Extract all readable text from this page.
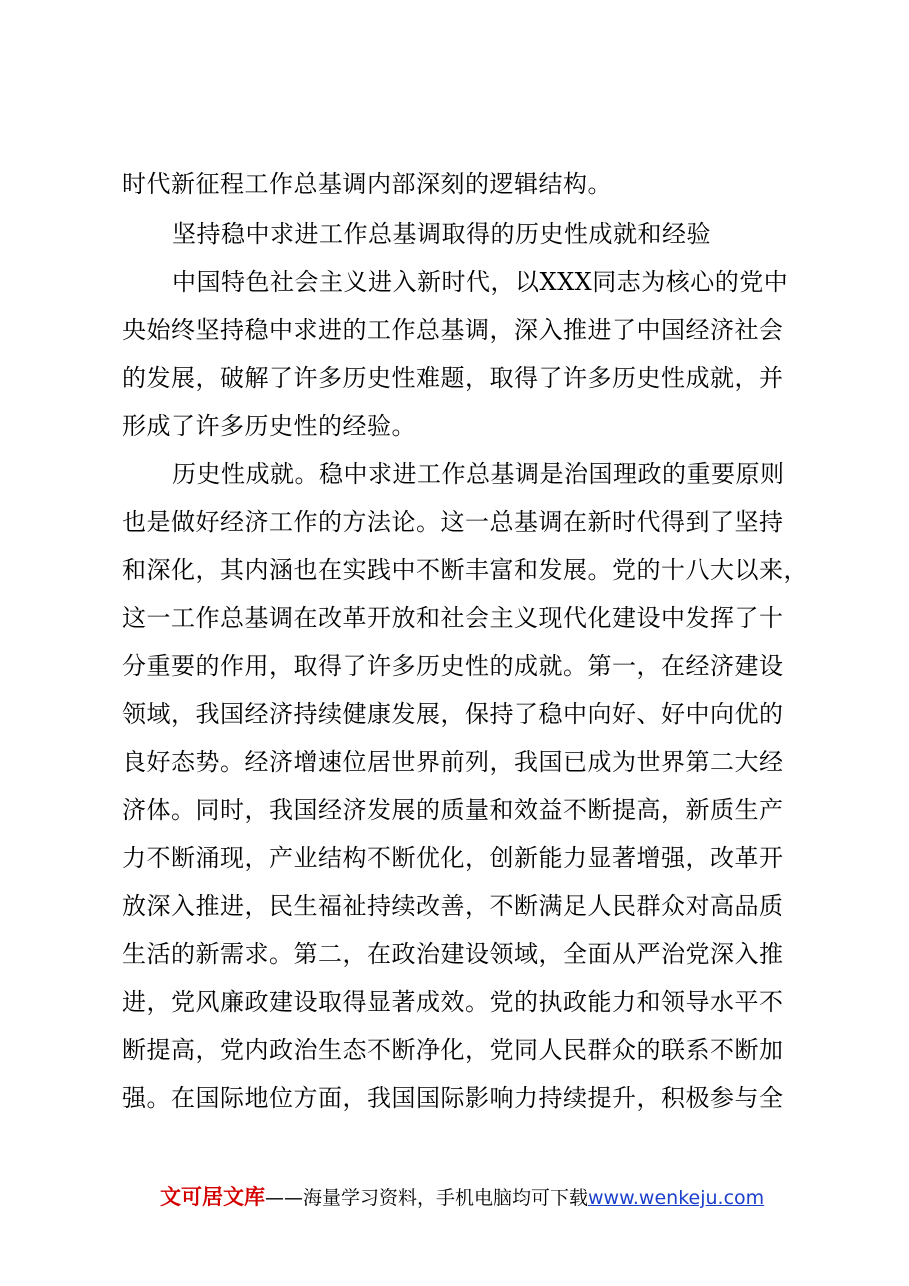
时代新征程工作总基调内部深刻的逻辑结构。
坚持稳中求进工作总基调取得的历史性成就和经验
中国特色社会主义进入新时代，以XXX同志为核心的党中
央始终坚持稳中求进的工作总基调，深入推进了中国经济社会
的发展，破解了许多历史性难题，取得了许多历史性成就，并
形成了许多历史性的经验。
历史性成就。稳中求进工作总基调是治国理政的重要原则
也是做好经济工作的方法论。这一总基调在新时代得到了坚持
和深化，其内涵也在实践中不断丰富和发展。党的十八大以来，
这一工作总基调在改革开放和社会主义现代化建设中发挥了十
分重要的作用，取得了许多历史性的成就。第一，在经济建设
领域，我国经济持续健康发展，保持了稳中向好、好中向优的
良好态势。经济增速位居世界前列，我国已成为世界第二大经
济体。同时，我国经济发展的质量和效益不断提高，新质生产
力不断涌现，产业结构不断优化，创新能力显著增强，改革开
放深入推进，民生福祉持续改善，不断满足人民群众对高品质
生活的新需求。第二，在政治建设领域，全面从严治党深入推
进，党风廉政建设取得显著成效。党的执政能力和领导水平不
断提高，党内政治生态不断净化，党同人民群众的联系不断加
强。在国际地位方面，我国国际影响力持续提升，积极参与全
文可居文库——海量学习资料，手机电脑均可下载www.wenkeju.com
